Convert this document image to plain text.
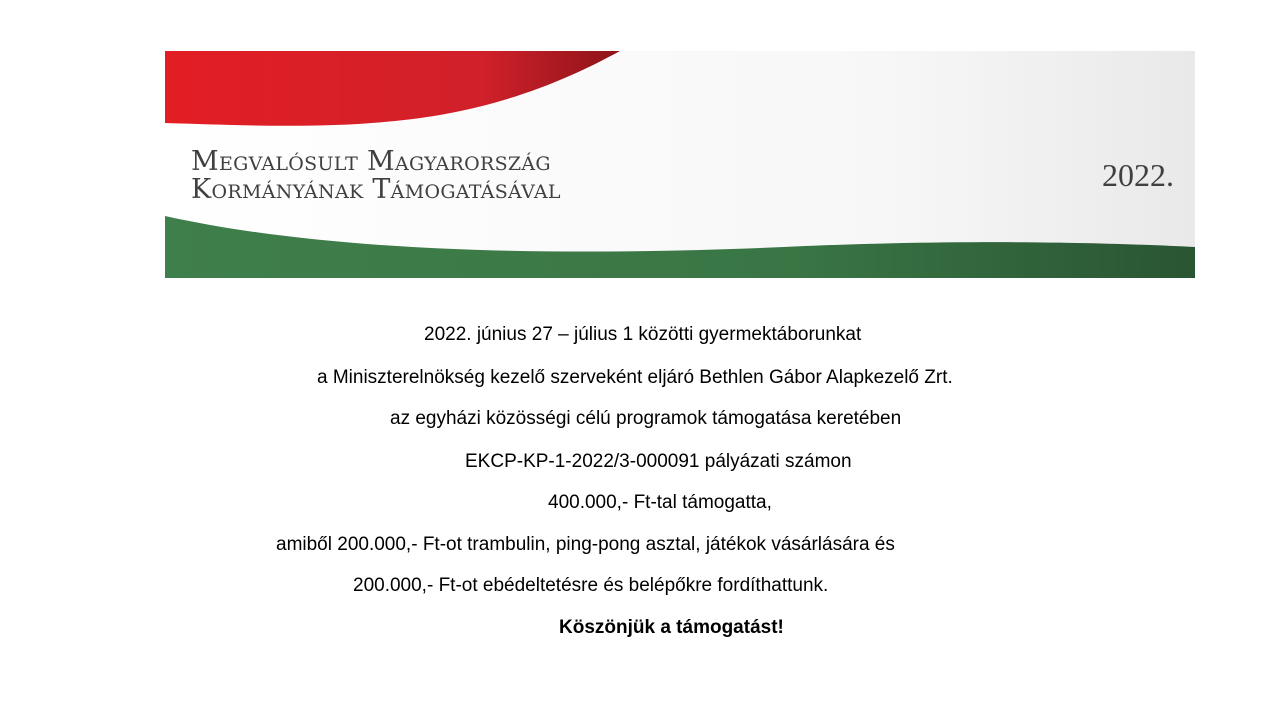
Megvalósult Magyarország
Kormányának Támogatásával	2022.
2022. június 27 – július 1 közötti gyermektáborunkat
a Miniszterelnökség kezelő szerveként eljáró Bethlen Gábor Alapkezelő Zrt.
az egyházi közösségi célú programok támogatása keretében
EKCP-KP-1-2022/3-000091 pályázati számon
400.000,- Ft-tal támogatta,
amiből 200.000,- Ft-ot trambulin, ping-pong asztal, játékok vásárlására és
200.000,- Ft-ot ebédeltetésre és belépőkre fordíthattunk.
Köszönjük a támogatást!
